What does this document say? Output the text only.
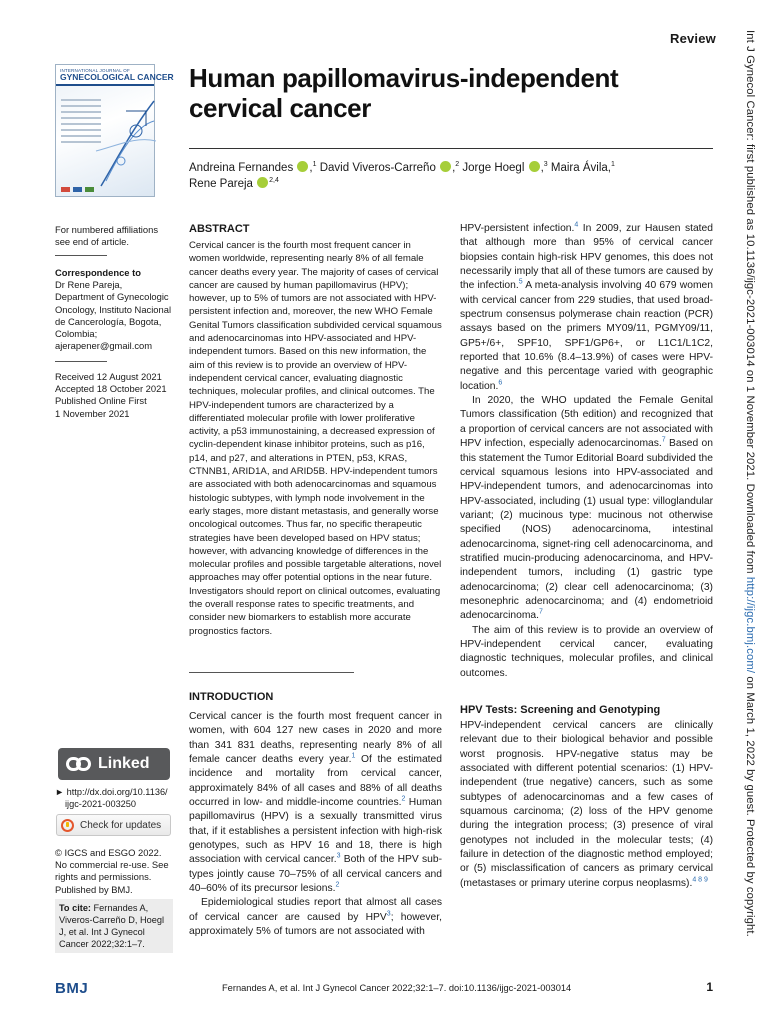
Review
INTERNATIONAL JOURNAL OF
GYNECOLOGICAL CANCER Human papillomavirus-independent cervical cancer
Andreina Fernandes ,$^1$ David Viveros-Carreño ,$^2$ Jorge Hoegl ,$^3$ Maira Ávila,$^1$
Rene Pareja $^{2,4}$
For numbered affiliations see end of article.
Correspondence to
Dr Rene Pareja, Department of Gynecologic Oncology, Instituto Nacional de Cancerología, Bogota, Colombia; ajerapener@gmail.com
Received 12 August 2021
Accepted 18 October 2021
Published Online First
1 November 2021
Linked
► http://dx.doi.org/10.1136/
ijgc-2021-003250
Check for updates
© IGCS and ESGO 2022. No commercial re-use. See rights and permissions. Published by BMJ.
To cite: Fernandes A, Viveros-Carreño D, Hoegl J, et al. Int J Gynecol Cancer 2022;32:1–7.
ABSTRACT

Cervical cancer is the fourth most frequent cancer in women worldwide, representing nearly 8% of all female cancer deaths every year. The majority of cases of cervical cancer are caused by human papillomavirus (HPV); however, up to 5% of tumors are not associated with HPV-persistent infection and, moreover, the new WHO Female Genital Tumors classification subdivided cervical squamous and adenocarcinomas into HPV-associated and HPV-independent tumors. Based on this new information, the aim of this review is to provide an overview of HPV-independent cervical cancer, evaluating diagnostic techniques, molecular profiles, and clinical outcomes. The HPV-independent tumors are characterized by a differentiated molecular profile with lower proliferative activity, a p53 immunostaining, a decreased expression of cyclin-dependent kinase inhibitor proteins, such as p16, p14, and p27, and alterations in PTEN, p53, KRAS, CTNNB1, ARID1A, and ARID5B. HPV-independent tumors are associated with both adenocarcinomas and squamous histologic subtypes, with lymph node involvement in the early stages, more distant metastasis, and generally worse oncological outcomes. Thus far, no specific therapeutic strategies have been developed based on HPV status; however, with advancing knowledge of differences in the molecular profiles and possible targetable alterations, novel approaches may offer potential options in the near future. Investigators should report on clinical outcomes, evaluating the overall response rates to specific treatments, and consider new biomarkers to establish more accurate prognostics factors.

INTRODUCTION

Cervical cancer is the fourth most frequent cancer in women, with 604 127 new cases in 2020 and more than 341 831 deaths, representing nearly 8% of all female cancer deaths every year.$^1$ Of the estimated incidence and mortality from cervical cancer, approximately 84% of all cases and 88% of all deaths occurred in low- and middle-income countries.$^2$ Human papillomavirus (HPV) is a sexually transmitted virus that, if it establishes a persistent infection with high-risk genotypes, such as HPV 16 and 18, there is high association with cervical cancer.$^3$ Both of the HPV sub-types jointly cause 70–75% of all cervical cancers and 40–60% of its precursor lesions.$^2$

Epidemiological studies report that almost all cases of cervical cancer are caused by HPV$^3$; however, approximately 5% of tumors are not associated with

HPV-persistent infection.$^4$ In 2009, zur Hausen stated that although more than 95% of cervical cancer biopsies contain high-risk HPV genomes, this does not necessarily imply that all of these tumors are caused by the infection.$^5$ A meta-analysis involving 40 679 women with cervical cancer from 229 studies, that used broad-spectrum consensus polymerase chain reaction (PCR) assays based on the primers MY09/11, PGMY09/11, GP5+/6+, SPF10, SPF1/GP6+, or L1C1/L1C2, reported that 10.6% (8.4–13.9%) of cases were HPV-negative and this percentage varied with geographic location.$^6$

In 2020, the WHO updated the Female Genital Tumors classification (5th edition) and recognized that a proportion of cervical cancers are not associated with HPV infection, especially adenocarcinomas.$^7$ Based on this statement the Tumor Editorial Board subdivided the cervical squamous lesions into HPV-associated and HPV-independent tumors, and adenocarcinomas into HPV-associated, including (1) usual type: villoglandular variant; (2) mucinous type: mucinous not otherwise specified (NOS) adenocarcinoma, intestinal adenocarcinoma, signet-ring cell adenocarcinoma, and stratified mucin-producing adenocarcinoma, and HPV-independent tumors, including (1) gastric type adenocarcinoma; (2) clear cell adenocarcinoma; (3) mesonephric adenocarcinoma; and (4) endometrioid adenocarcinoma.$^7$

The aim of this review is to provide an overview of HPV-independent cervical cancer, evaluating diagnostic techniques, molecular profiles, and clinical outcomes.

HPV Tests: Screening and Genotyping

HPV-independent cervical cancers are clinically relevant due to their biological behavior and possible worst prognosis. HPV-negative status may be associated with different potential scenarios: (1) HPV-independent (true negative) cancers, such as some subtypes of adenocarcinomas and a few cases of squamous carcinoma; (2) loss of the HPV genome during the integration process; (3) presence of viral genotypes not included in the molecular tests; (4) failure in detection of the diagnostic method employed; or (5) misclassification of cancers as primary cervical (metastases or primary uterine corpus neoplasms).$^{4 8 9}$

BMJ	Fernandes A, et al. Int J Gynecol Cancer 2022;32:1–7. doi:10.1136/ijgc-2021-003014	1
Int J Gynecol Cancer: first published as 10.1136/ijgc-2021-003014 on 1 November 2021. Downloaded from http://ijgc.bmj.com/ on March 1, 2022 by guest. Protected by copyright.
